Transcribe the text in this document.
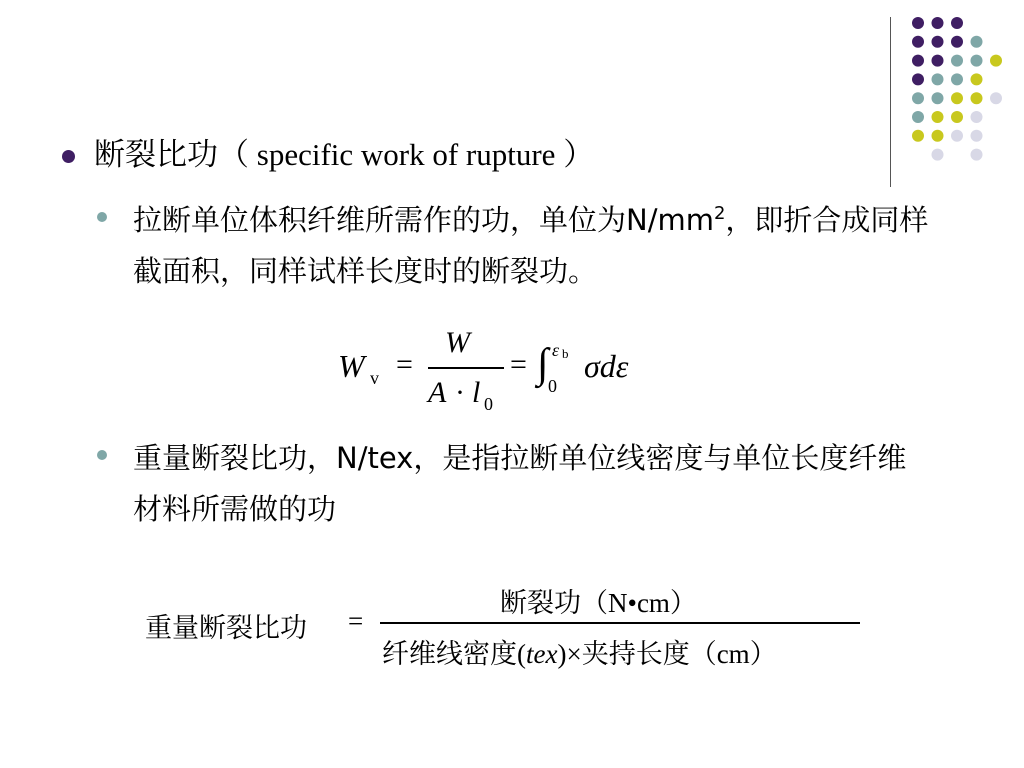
断裂比功（ specific work of rupture ）
拉断单位体积纤维所需作的功，单位为$N/mm^2$，即折合成同样截面积，同样试样长度时的断裂功。
W v =
W
A · l 0
= ∫ ε b
0
σdε
重量断裂比功，N/tex，是指拉断单位线密度与单位长度纤维材料所需做的功
重量断裂比功 =
断裂功（N•cm）
纤维线密度(tex)×夹持长度（cm）
